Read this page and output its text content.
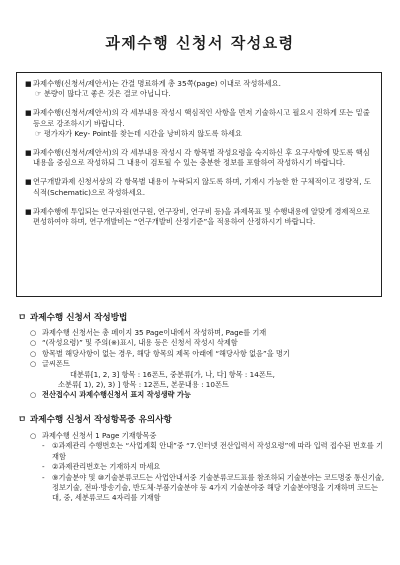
과제수행 신청서 작성요령
■ 과제수행(신청서/제안서)는 간결 명료하게 총 35쪽(page) 이내로 작성하세요.
☞ 분량이 많다고 좋은 것은 결코 아닙니다.
■ 과제수행(신청서/제안서)의 각 세부내용 작성시 핵심적인 사항을 먼저 기술하시고 필요시 진하게 또는 밑줄 등으로 강조하시기 바랍니다.
☞ 평가자가 Key- Point를 찾는데 시간을 낭비하지 않도록 하세요
■ 과제수행(신청서/제안서)의 각 세부내용 작성시 각 항목별 작성요령을 숙지하신 후 요구사항에 맞도록 핵심내용을 중심으로 작성하되 그 내용이 검토될 수 있는 충분한 정보를 포함하여 작성하시기 바랍니다.
■ 연구개발과제 신청서상의 각 항목별 내용이 누락되지 않도록 하며, 기재시 가능한 한 구체적이고 정량적, 도식적(Schematic)으로 작성하세요.
■ 과제수행에 투입되는 연구자원(연구원, 연구장비, 연구비 등)을 과제목표 및 수행내용에 알맞게 경제적으로 편성하여야 하며, 연구개발비는 “연구개발비 산정기준”을 적용하여 산정하시기 바랍니다.
ㅁ 과제수행 신청서 작성방법
○ 과제수행 신청서는 총 페이지 35 Page이내에서 작성하며, Page를 기재
○ “(작성요령)” 및 주의(※)표시, 내용 등은 신청서 작성시 삭제함
○ 항목별 해당사항이 없는 경우, 해당 항목의 제목 아래에 “해당사항 없음”을 명기
○ 글씨폰트
대분류[1, 2, 3] 항목 : 16폰트, 중분류[가, 나, 다] 항목 : 14폰트,
소분류[ 1), 2), 3) ] 항목 : 12폰트, 본문내용 : 10폰트
○ 전산접수시 과제수행신청서 표지 작성생략 가능
ㅁ 과제수행 신청서 작성항목중 유의사항
○ 과제수행 신청서 1 Page 기재항목중
-	①과제관리 수행번호는 “사업계획 안내”중 “7.인터넷 전산입력서 작성요령”에 따라 입력 접수된 번호를 기재함
-	②과제관리번호는 기재하지 마세요
-	⑨기술분야 및 ⑩기술분류코드는 사업안내서중 기술분류코드표를 참조하되 기술분야는 코드명중 통신기술, 정보기술, 전파·방송기술, 반도체·부품기술분야 등 4가지 기술분야중 해당 기술분야명을 기재하며 코드는 대, 중, 세분류코드 4자리를 기재함
